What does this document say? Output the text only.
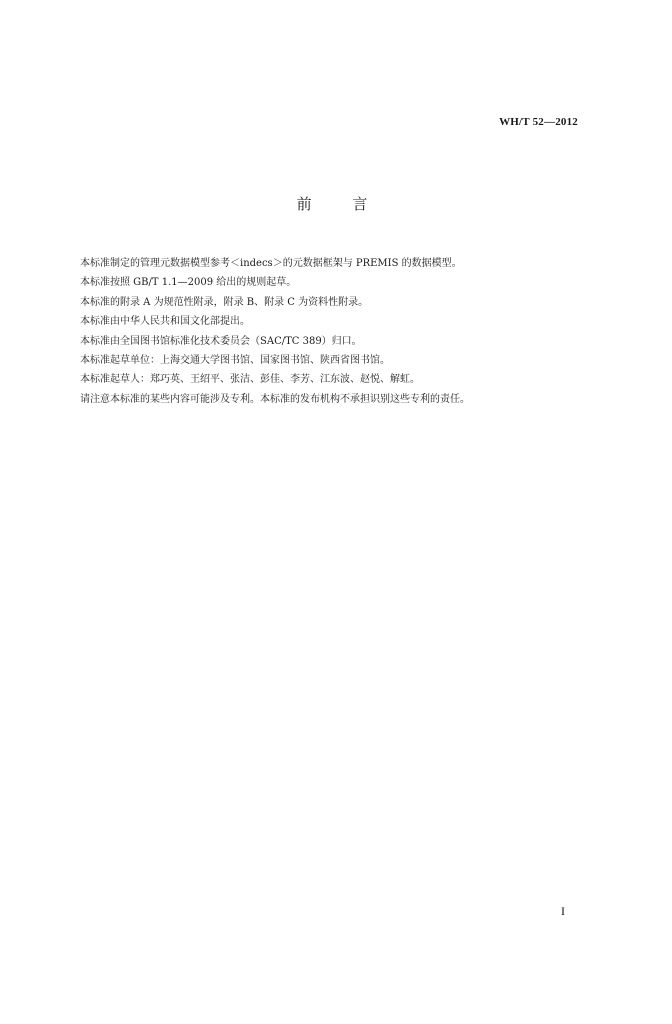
WH/T 52—2012
前 言

本标准制定的管理元数据模型参考＜indecs＞的元数据框架与 PREMIS 的数据模型。

本标准按照 GB/T 1.1—2009 给出的规则起草。

本标准的附录 A 为规范性附录，附录 B、附录 C 为资料性附录。

本标准由中华人民共和国文化部提出。

本标准由全国图书馆标准化技术委员会（SAC/TC 389）归口。

本标准起草单位：上海交通大学图书馆、国家图书馆、陕西省图书馆。

本标准起草人：郑巧英、王绍平、张洁、彭佳、李芳、江东波、赵悦、解虹。

请注意本标准的某些内容可能涉及专利。本标准的发布机构不承担识别这些专利的责任。

I
